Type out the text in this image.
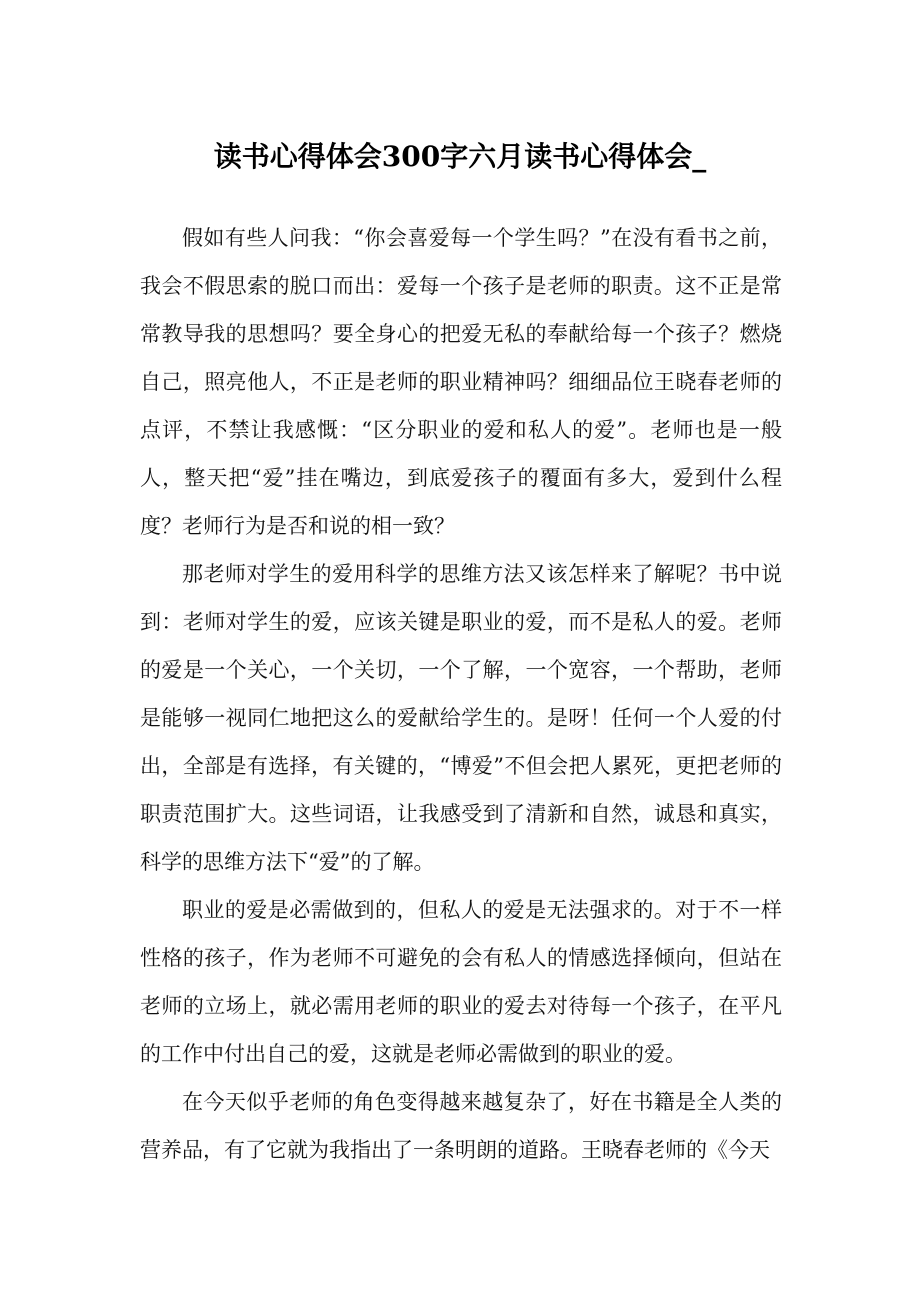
读书心得体会300字六月读书心得体会_

假如有些人问我：“你会喜爱每一个学生吗？”在没有看书之前，我会不假思索的脱口而出：爱每一个孩子是老师的职责。这不正是常常教导我的思想吗？要全身心的把爱无私的奉献给每一个孩子？燃烧自己，照亮他人，不正是老师的职业精神吗？细细品位王晓春老师的点评，不禁让我感慨：“区分职业的爱和私人的爱”。老师也是一般人，整天把“爱”挂在嘴边，到底爱孩子的覆面有多大，爱到什么程度？老师行为是否和说的相一致？

那老师对学生的爱用科学的思维方法又该怎样来了解呢？书中说到：老师对学生的爱，应该关键是职业的爱，而不是私人的爱。老师的爱是一个关心，一个关切，一个了解，一个宽容，一个帮助，老师是能够一视同仁地把这么的爱献给学生的。是呀！任何一个人爱的付出，全部是有选择，有关键的，“博爱”不但会把人累死，更把老师的职责范围扩大。这些词语，让我感受到了清新和自然，诚恳和真实，科学的思维方法下“爱”的了解。

职业的爱是必需做到的，但私人的爱是无法强求的。对于不一样性格的孩子，作为老师不可避免的会有私人的情感选择倾向，但站在老师的立场上，就必需用老师的职业的爱去对待每一个孩子，在平凡的工作中付出自己的爱，这就是老师必需做到的职业的爱。

在今天似乎老师的角色变得越来越复杂了，好在书籍是全人类的营养品，有了它就为我指出了一条明朗的道路。王晓春老师的《今天
